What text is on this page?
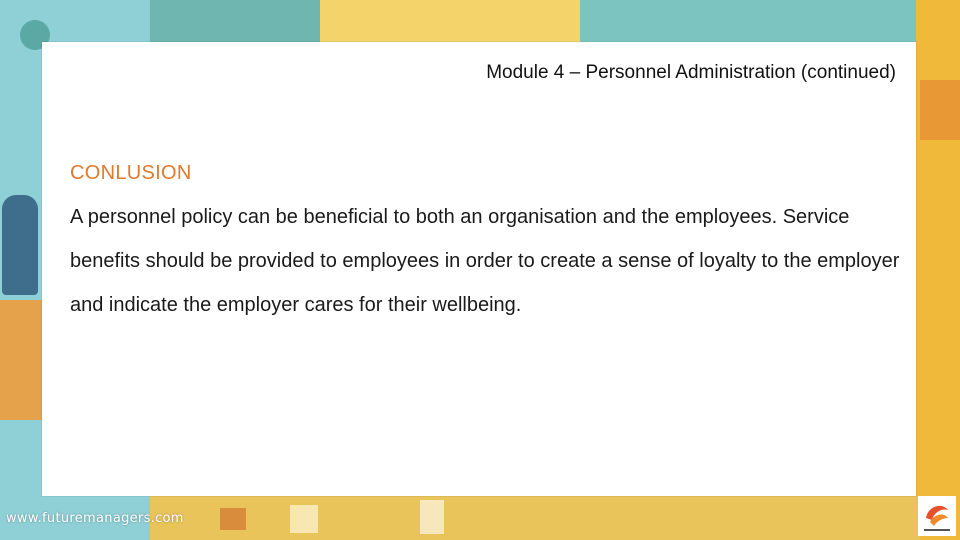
Module 4 – Personnel Administration (continued)
CONLUSION

A personnel policy can be beneficial to both an organisation and the employees. Service benefits should be provided to employees in order to create a sense of loyalty to the employer and indicate the employer cares for their wellbeing.

www.futuremanagers.com
